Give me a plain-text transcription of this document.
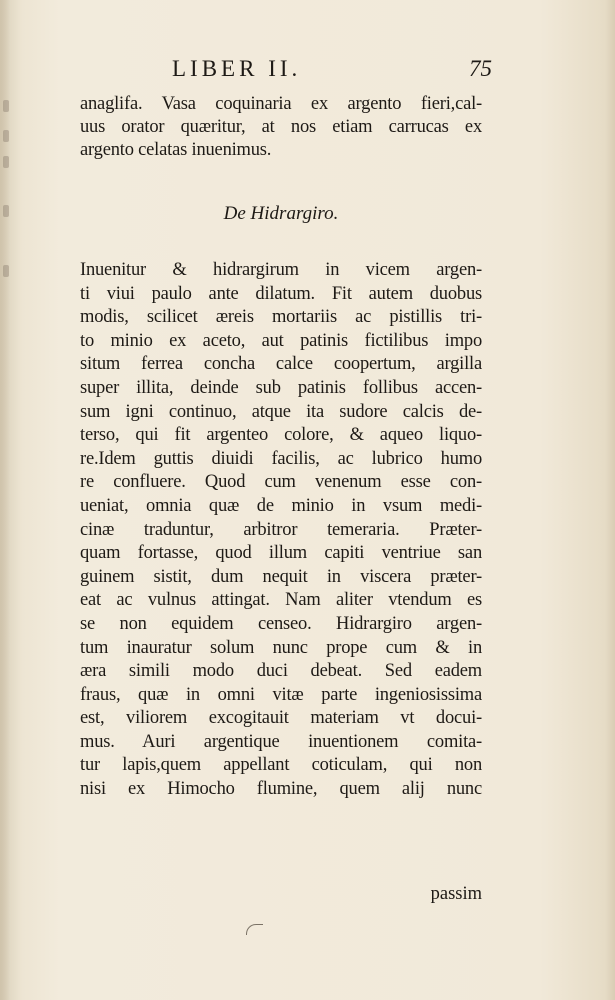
LIBER II.	75
anaglifa. Vasa coquinaria ex argento fieri,cal-
uus orator quæritur, at nos etiam carrucas ex
argento celatas inuenimus.
De Hidrargiro.
Inuenitur & hidrargirum in vicem argen-
ti viui paulo ante dilatum. Fit autem duobus
modis, scilicet æreis mortariis ac pistillis tri-
to minio ex aceto, aut patinis fictilibus impo
situm ferrea concha calce coopertum, argilla
super illita, deinde sub patinis follibus accen-
sum igni continuo, atque ita sudore calcis de-
terso, qui fit argenteo colore, & aqueo liquo-
re.Idem guttis diuidi facilis, ac lubrico humo
re confluere. Quod cum venenum esse con-
ueniat, omnia quæ de minio in vsum medi-
cinæ traduntur, arbitror temeraria. Præter-
quam fortasse, quod illum capiti ventriue san
guinem sistit, dum nequit in viscera præter-
eat ac vulnus attingat. Nam aliter vtendum es
se non equidem censeo. Hidrargiro argen-
tum inauratur solum nunc prope cum & in
æra simili modo duci debeat. Sed eadem
fraus, quæ in omni vitæ parte ingeniosissima
est, viliorem excogitauit materiam vt docui-
mus. Auri argentique inuentionem comita-
tur lapis,quem appellant coticulam, qui non
nisi ex Himocho flumine, quem alij nunc
passim
